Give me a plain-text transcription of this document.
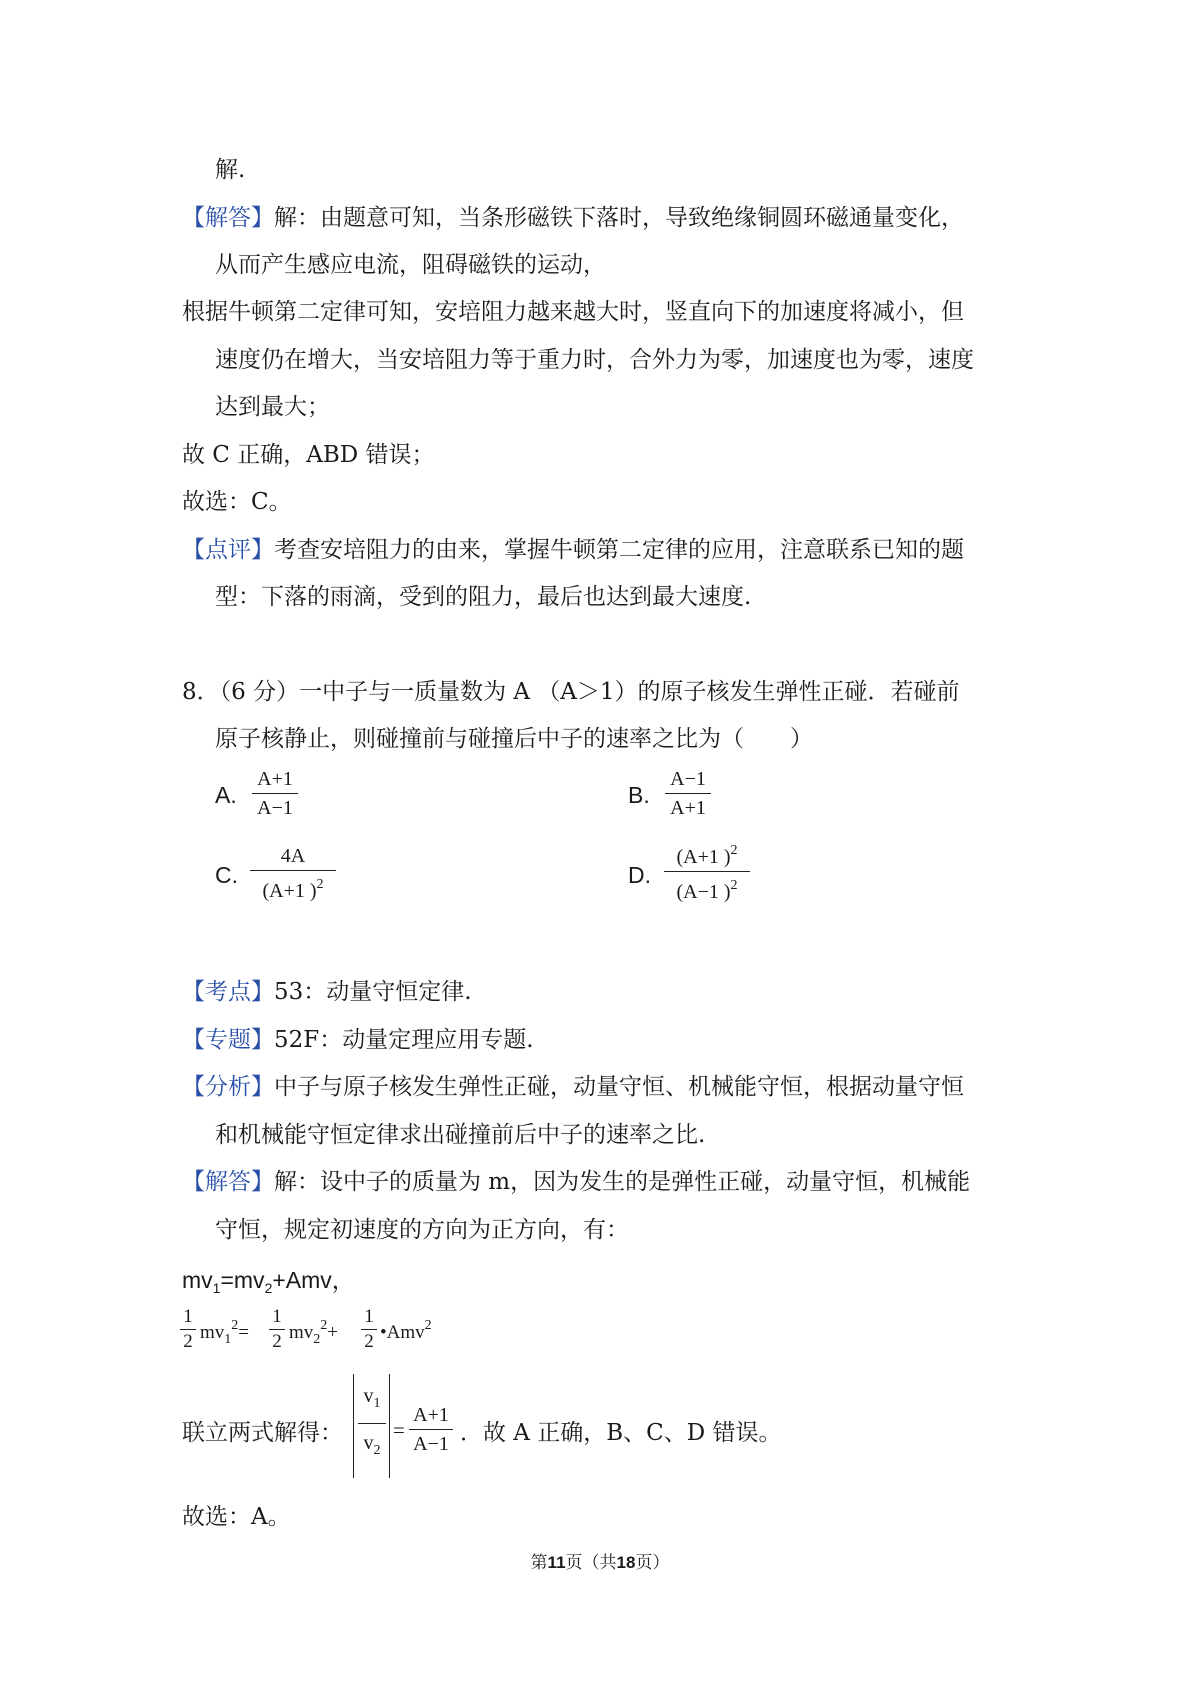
解.
【解答】解：由题意可知，当条形磁铁下落时，导致绝缘铜圆环磁通量变化，
从而产生感应电流，阻碍磁铁的运动，
根据牛顿第二定律可知，安培阻力越来越大时，竖直向下的加速度将减小，但
速度仍在增大，当安培阻力等于重力时，合外力为零，加速度也为零，速度
达到最大；
故 C 正确，ABD 错误；
故选：C。
【点评】考查安培阻力的由来，掌握牛顿第二定律的应用，注意联系已知的题
型：下落的雨滴，受到的阻力，最后也达到最大速度.
8．（6 分）一中子与一质量数为 A （A＞1）的原子核发生弹性正碰．若碰前
原子核静止，则碰撞前与碰撞后中子的速率之比为（　　）
A.
A+1
A−1	B.
A−1
A+1
C.
4A
(A+1 )$^2$	D.
(A+1 )$^2$
(A−1 )$^2$
【考点】53：动量守恒定律.
【专题】52F：动量定理应用专题.
【分析】中子与原子核发生弹性正碰，动量守恒、机械能守恒，根据动量守恒
和机械能守恒定律求出碰撞前后中子的速率之比.
【解答】解：设中子的质量为 m，因为发生的是弹性正碰，动量守恒，机械能
守恒，规定初速度的方向为正方向，有：
$mv_1=mv_2+Amv$，
1
2 $mv_1^2=$
1
2 $mv_2^2+$
1
2 •Amv$^2$
联立两式解得：
$v_1$
$v_2$
=
A+1
A−1 ．故 A 正确，B、C、D 错误。
故选：A。
第11页（共18页）
